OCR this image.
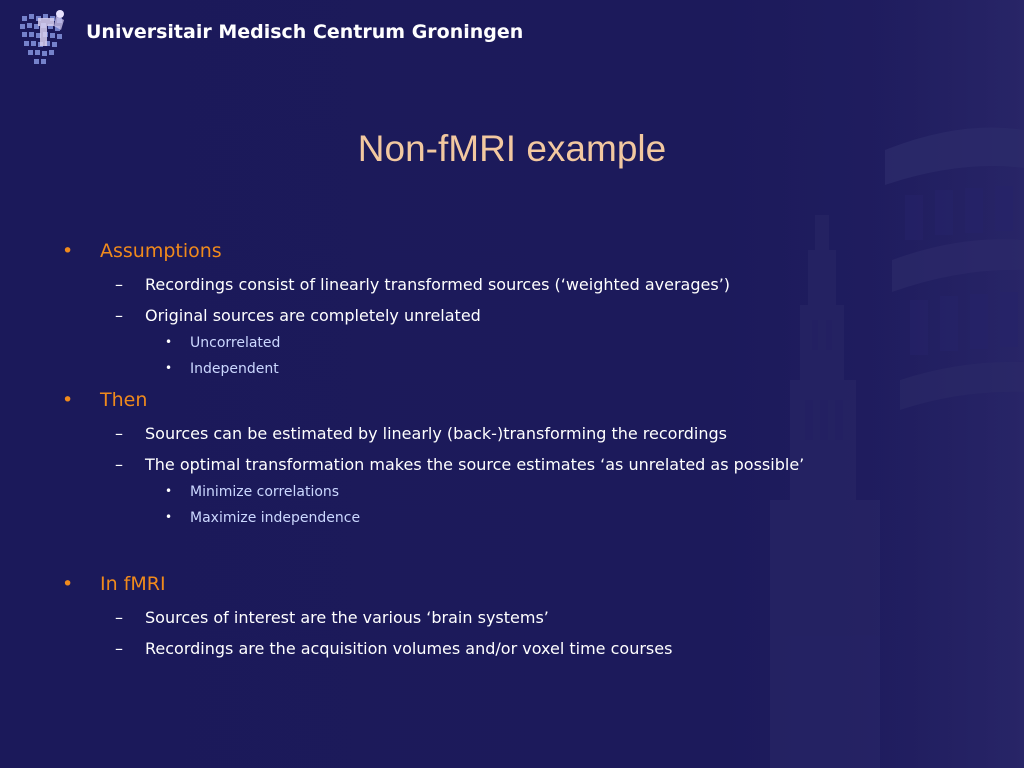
Universitair Medisch Centrum Groningen
Non-fMRI example
• Assumptions
– Recordings consist of linearly transformed sources (‘weighted averages’)
– Original sources are completely unrelated
• Uncorrelated
• Independent
• Then
– Sources can be estimated by linearly (back-)transforming the recordings
– The optimal transformation makes the source estimates ‘as unrelated as possible’
• Minimize correlations
• Maximize independence
• In fMRI
– Sources of interest are the various ‘brain systems’
– Recordings are the acquisition volumes and/or voxel time courses
